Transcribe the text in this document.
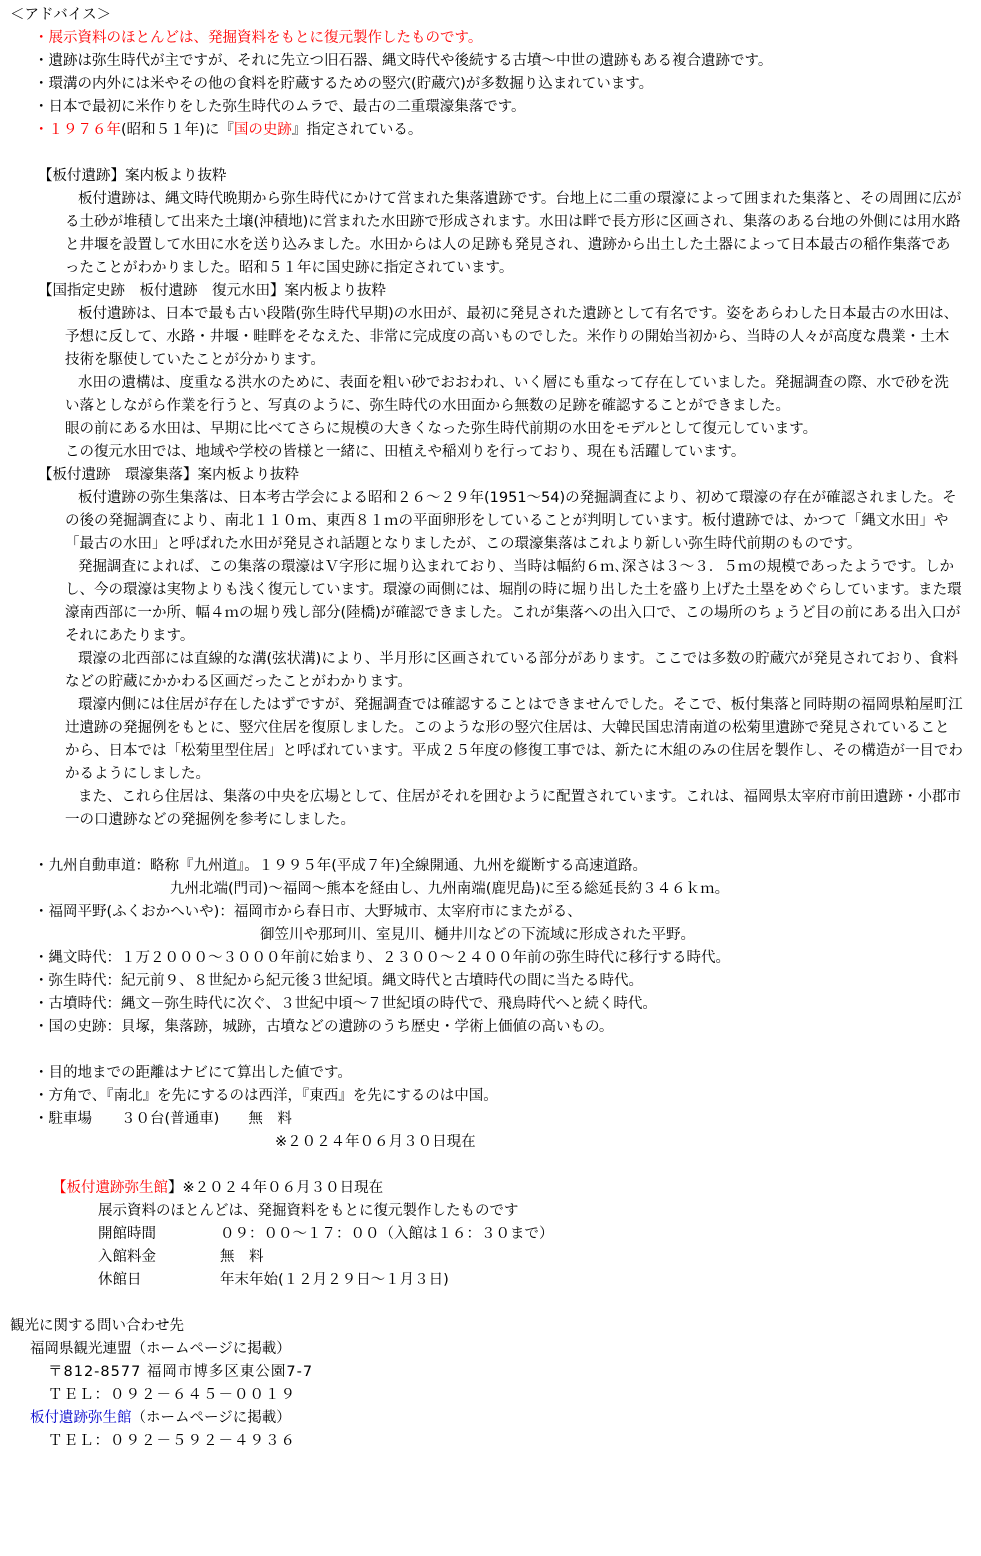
＜アドバイス＞
・展示資料のほとんどは、発掘資料をもとに復元製作したものです。
・遺跡は弥生時代が主ですが、それに先立つ旧石器、縄文時代や後続する古墳～中世の遺跡もある複合遺跡です。
・環溝の内外には米やその他の食料を貯蔵するための竪穴(貯蔵穴)が多数掘り込まれています。
・日本で最初に米作りをした弥生時代のムラで、最古の二重環濠集落です。
・１９７６年(昭和５１年)に『国の史跡』指定されている。
【板付遺跡】案内板より抜粋
板付遺跡は、縄文時代晩期から弥生時代にかけて営まれた集落遺跡です。台地上に二重の環濠によって囲まれた集落と、その周囲に広がる土砂が堆積して出来た土壌(沖積地)に営まれた水田跡で形成されます。水田は畔で長方形に区画され、集落のある台地の外側には用水路と井堰を設置して水田に水を送り込みました。水田からは人の足跡も発見され、遺跡から出土した土器によって日本最古の稲作集落であったことがわかりました。昭和５１年に国史跡に指定されています。
【国指定史跡　板付遺跡　復元水田】案内板より抜粋
板付遺跡は、日本で最も古い段階(弥生時代早期)の水田が、最初に発見された遺跡として有名です。姿をあらわした日本最古の水田は、予想に反して、水路・井堰・畦畔をそなえた、非常に完成度の高いものでした。米作りの開始当初から、当時の人々が高度な農業・土木技術を駆使していたことが分かります。
水田の遺構は、度重なる洪水のために、表面を粗い砂でおおわれ、いく層にも重なって存在していました。発掘調査の際、水で砂を洗い落としながら作業を行うと、写真のように、弥生時代の水田面から無数の足跡を確認することができました。
眼の前にある水田は、早期に比べてさらに規模の大きくなった弥生時代前期の水田をモデルとして復元しています。
この復元水田では、地域や学校の皆様と一緒に、田植えや稲刈りを行っており、現在も活躍しています。
【板付遺跡　環濠集落】案内板より抜粋
板付遺跡の弥生集落は、日本考古学会による昭和２６～２９年(1951～54)の発掘調査により、初めて環濠の存在が確認されました。その後の発掘調査により、南北１１０ｍ、東西８１ｍの平面卵形をしていることが判明しています。板付遺跡では、かつて「縄文水田」や「最古の水田」と呼ばれた水田が発見され話題となりましたが、この環濠集落はこれより新しい弥生時代前期のものです。
発掘調査によれば、この集落の環濠はＶ字形に堀り込まれており、当時は幅約６ｍ､深さは３～３．５ｍの規模であったようです。しかし、今の環濠は実物よりも浅く復元しています。環濠の両側には、堀削の時に堀り出した土を盛り上げた土塁をめぐらしています。また環濠南西部に一か所、幅４ｍの堀り残し部分(陸橋)が確認できました。これが集落への出入口で、この場所のちょうど目の前にある出入口がそれにあたります。
環濠の北西部には直線的な溝(弦状溝)により、半月形に区画されている部分があります。ここでは多数の貯蔵穴が発見されており、食料などの貯蔵にかかわる区画だったことがわかります。
環濠内側には住居が存在したはずですが、発掘調査では確認することはできませんでした。そこで、板付集落と同時期の福岡県粕屋町江辻遺跡の発掘例をもとに、竪穴住居を復原しました。このような形の竪穴住居は、大韓民国忠清南道の松菊里遺跡で発見されていることから、日本では「松菊里型住居」と呼ばれています。平成２５年度の修復工事では、新たに木組のみの住居を製作し、その構造が一目でわかるようにしました。
また、これら住居は、集落の中央を広場として、住居がそれを囲むように配置されています。これは、福岡県太宰府市前田遺跡・小郡市一の口遺跡などの発掘例を参考にしました。
・九州自動車道：略称『九州道』。１９９５年(平成７年)全線開通、九州を縦断する高速道路。
九州北端(門司)～福岡～熊本を経由し、九州南端(鹿児島)に至る総延長約３４６ｋｍ。
・福岡平野(ふくおかへいや)：福岡市から春日市、大野城市、太宰府市にまたがる、
御笠川や那珂川、室見川、樋井川などの下流域に形成された平野。
・縄文時代：１万２０００～３０００年前に始まり、２３００～２４００年前の弥生時代に移行する時代。
・弥生時代：紀元前９、８世紀から紀元後３世紀頃。縄文時代と古墳時代の間に当たる時代。
・古墳時代：縄文－弥生時代に次ぐ、３世紀中頃～７世紀頃の時代で、飛鳥時代へと続く時代。
・国の史跡：貝塚，集落跡，城跡，古墳などの遺跡のうち歴史・学術上価値の高いもの。
・目的地までの距離はナビにて算出した値です。
・方角で、『南北』を先にするのは西洋，『東西』を先にするのは中国。
・駐車場　　３０台(普通車)　　無　料
※２０２４年０６月３０日現在
【板付遺跡弥生館】※２０２４年０６月３０日現在
展示資料のほとんどは、発掘資料をもとに復元製作したものです
開館時間	０９：００～１７：００（入館は１６：３０まで）
入館料金	無　料
休館日	年末年始(１２月２９日～１月３日)
観光に関する問い合わせ先
福岡県観光連盟（ホームページに掲載）
〒812-8577 福岡市博多区東公園7-7
ＴＥＬ：０９２－６４５－００１９
板付遺跡弥生館（ホームページに掲載）
ＴＥＬ：０９２－５９２－４９３６
